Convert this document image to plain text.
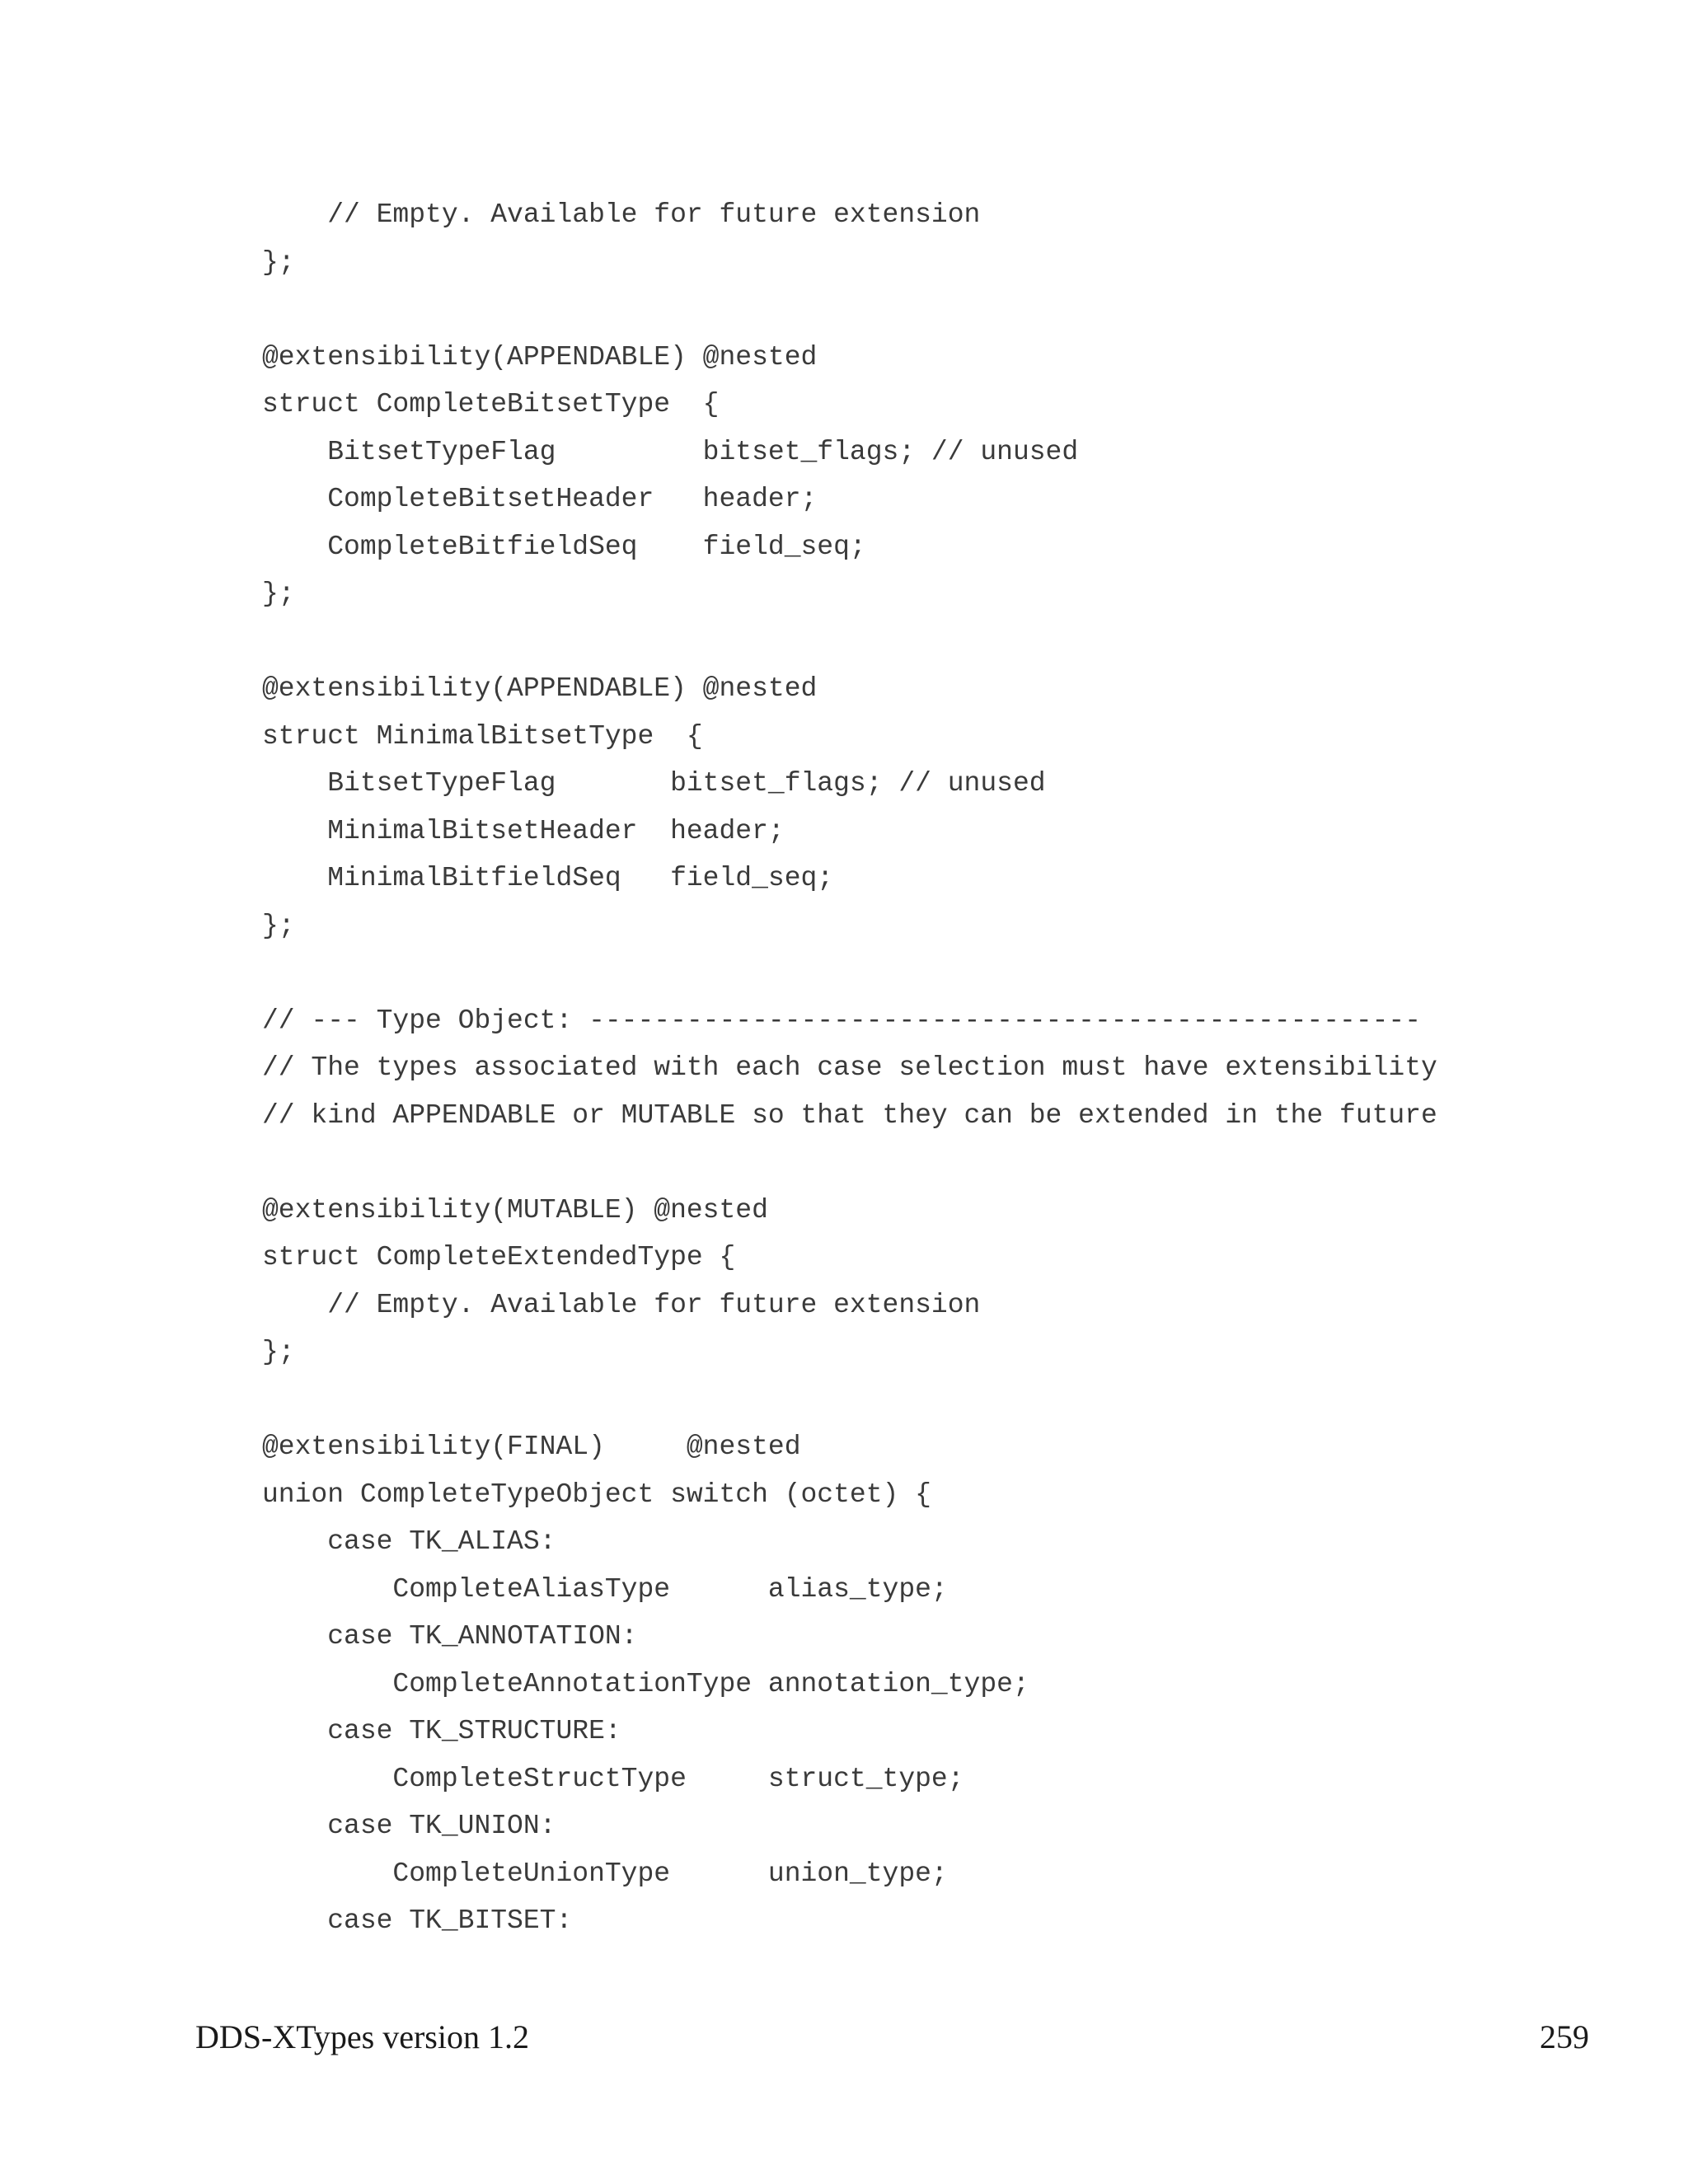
// Empty. Available for future extension
};
@extensibility(APPENDABLE) @nested
struct CompleteBitsetType  {
BitsetTypeFlag         bitset_flags; // unused
CompleteBitsetHeader   header;
CompleteBitfieldSeq    field_seq;
};
@extensibility(APPENDABLE) @nested
struct MinimalBitsetType  {
BitsetTypeFlag       bitset_flags; // unused
MinimalBitsetHeader  header;
MinimalBitfieldSeq   field_seq;
};
// --- Type Object: ---------------------------------------------------
// The types associated with each case selection must have extensibility
// kind APPENDABLE or MUTABLE so that they can be extended in the future
@extensibility(MUTABLE) @nested
struct CompleteExtendedType {
// Empty. Available for future extension
};
@extensibility(FINAL)     @nested
union CompleteTypeObject switch (octet) {
case TK_ALIAS:
CompleteAliasType      alias_type;
case TK_ANNOTATION:
CompleteAnnotationType annotation_type;
case TK_STRUCTURE:
CompleteStructType     struct_type;
case TK_UNION:
CompleteUnionType      union_type;
case TK_BITSET:
DDS-XTypes version 1.2	259
